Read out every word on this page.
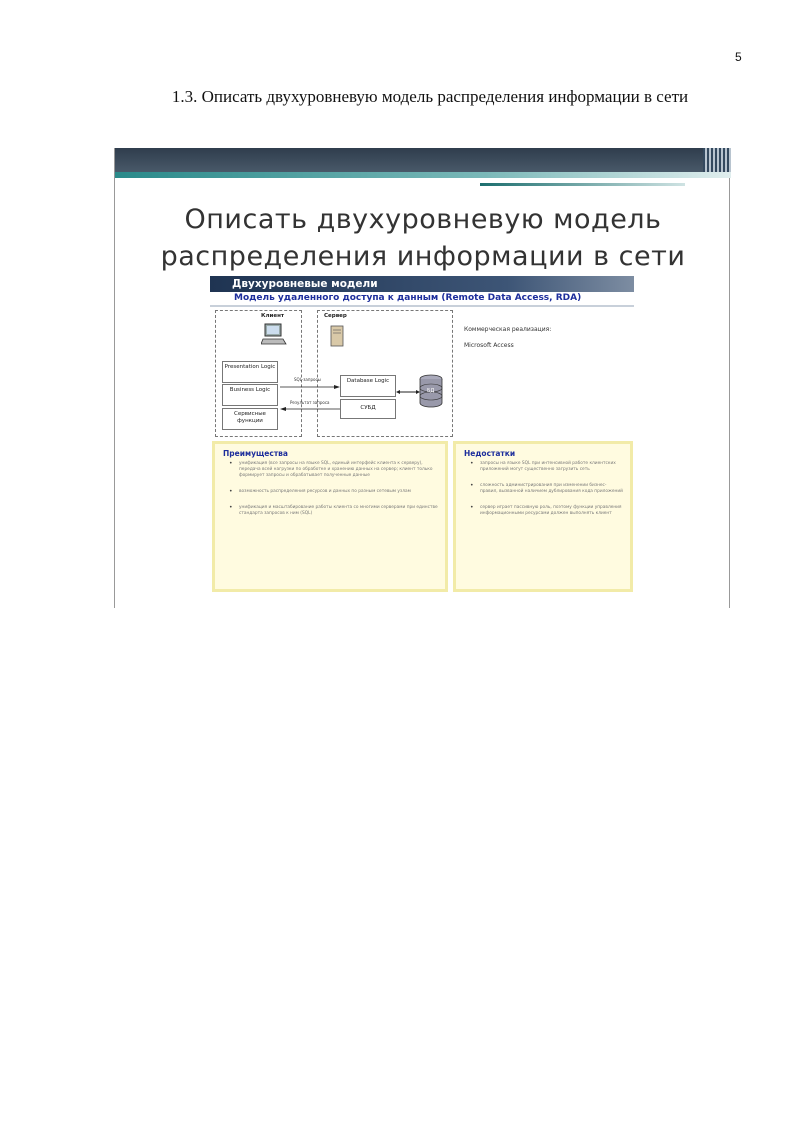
5
1.3. Описать двухуровневую модель распределения информации в сети
Описать двухуровневую модель
распределения информации в сети
Двухуровневые модели
Модель удаленного доступа к данным (Remote Data Access, RDA)
Клиент
Presentation Logic
Business Logic
Сервисные функции
Сервер
Database Logic
СУБД
БД
SQL-запросы
Результат запроса
Коммерческая реализация:
Microsoft Access
Преимущества
• унификация (все запросы на языке SQL, единый интерфейс клиента к серверу), передача всей нагрузки по обработке и хранению данных на сервер; клиент только формирует запросы и обрабатывает полученные данные
• возможность распределения ресурсов и данных по разным сетевым узлам
• унификация и масштабирование работы клиента со многими серверами при единстве стандарта запросов к ним (SQL)
Недостатки
• запросы на языке SQL при интенсивной работе клиентских приложений могут существенно загрузить сеть
• сложность администрирования при изменении бизнес-правил, вызванной наличием дублирования кода приложений
• сервер играет пассивную роль, поэтому функции управления информационными ресурсами должен выполнять клиент
